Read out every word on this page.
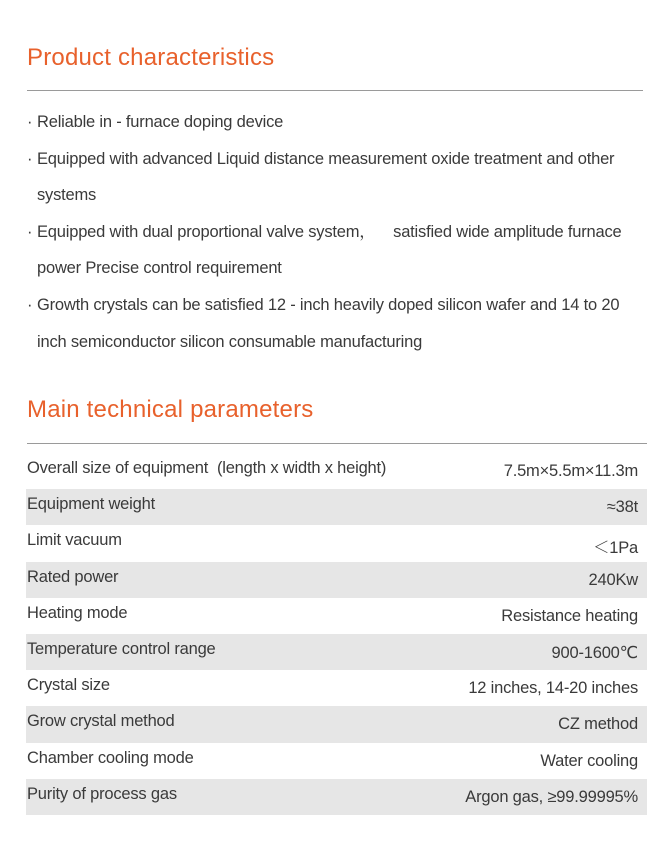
Product characteristics
· Reliable in - furnace doping device
· Equipped with advanced Liquid distance measurement oxide treatment and other systems
· Equipped with dual proportional valve system，    satisfied wide amplitude furnace power Precise control requirement
· Growth crystals can be satisfied 12 - inch heavily doped silicon wafer and 14 to 20 inch semiconductor silicon consumable manufacturing
Main technical parameters
Overall size of equipment  (length x width x height)	7.5m×5.5m×11.3m
Equipment weight	≈38t
Limit vacuum	＜1Pa
Rated power	240Kw
Heating mode	Resistance heating
Temperature control range	900-1600℃
Crystal size	12 inches, 14-20 inches
Grow crystal method	CZ method
Chamber cooling mode	Water cooling
Purity of process gas	Argon gas, ≥99.99995%
